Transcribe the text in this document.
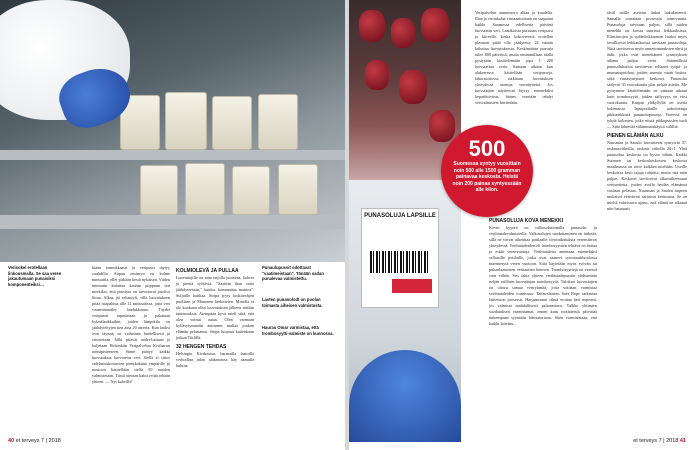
Verisokel erotellaan linkousmalla. Se saa veren jakautumaan punaisiksi komponenteiksi…
kiään tarmokkaasti ja veripussi täytyy vauhdilla. Sitpan ensimyn en kolme minuuttia, ellei pitkään kestä nykäisen. Viiden minuutin kuluttua kaulun pitppuun sen merkiksi, että pussissa on tarvittavat puoliso litraa. Alkaa jäi reliantyli, sillä luovatukoen pitää istapahtua alle 12 minuuttissa, jotta veri vaarmittaaitley laadukkaana. Täydet veripussit nipastetaan ja pakataan kylmälaukkuihin, joiden lämpötila on jäähdytettyjen tien aina 20 asteeta. Kun lauksi ovat täynnä, ne vaihetaan huolellisesti ja siivotetaan. Jälki pitävät uudet-luotaan ja kuljetaan Helsinkiin Veripalvelun Kiviharun toimipisteeseen. Sinne päätyy kaikki luovutuksia luovutetut veri. Siellä ei siitos sidelurisukoituvien pienikokään ympärille ja noutoon käsitellään siellä 50 nuoden valmistetaan. Tässä otetaan kaksi reittä tehään yhteen. — Nyt kahville!
KOLMIOLEVÄ JA PULLAA
Luovuttajille on aina tarjolla juotavaa, kahvia ja pieniä syötäviä. "Saattiin than sotta jäähdyteetaan," kuulut. kommattaa mainoa". Suljuille kaiiltaa. Stripa tyyty luokiteohjen puollaan ja Mauonen kerkittelen. Minulla ei ole kookaan ollut luovutuksen jälkeen mitään tuntemuksia. Aiempaan hyvä mieli siitä, että olen voinut autaa. Olen varmaan kylläsytymmöin auttaneet mullaa jonkun elämän pelastanut. Stripa luopuut kuitenkaan jotkun Tiitlillä.
32 HENGEN TEHDAS
Helsingin Kivihaassa, harmailla laatoilla verhoillun talon alakerrassa käy aamulla kuhina.
Punaulupussit odottavat "vaatimeistaan". Tänään sadan punalevaa valmistettu.
Lasten punanolodt on poolan toimasta aiheisen valmistusta.
Hauras Omar varmistaa, että trombosyytti-valmiste on kunnossa.
40 et terveys 7 | 2018
PUNASOLUJA LAPSILLE
500
Suomessa syntyy vuosittain noin 500 alle 1500 gramman painavaa keskosta. Heistä noin 200 painaa syntyessään alle kilon.
Veripalvelun aamuvuoro alkaa jo kuudelta. Illan ja vironkalaa vastaantottiaan on saapunut kaikki Suomessa edellisenä päivänä luovutettu veri. Laatikoista purataan veripussi ja kiireellä, koska kokoverestä erotellan plasman pitää olla jäädytetty 24 tunnin kuluttua luovutuksesta. Keskimäärin pussuja tulee 800 päivässä, mutta omimmillaan täällä pystytään käsittelemään jopa 1 200 luovutettua verta. Samaan aikaan kun alakerrassa käsitellään veripusseja, laboratoriossa tutkitaan luovutuksen yhteydessä otettuja verinäytteitä. Jos luovuttajan näytteestä löytyy esimerkiksi hepatiittivirus, hänen veretään tehdyt verivalmisteet hävitetään.
PUNASOLUJA KOVA MENEKKI
Kovin kyynrä on valkosoluttomilla punasolu- ja verihiutalevalmisteilla. Valkosolujen suodattaminen on tärkeää, sillä ne voivat aiheuttaa potilaalle sivuvaikutuksia verensiirron yhteydessä. Verihiutaleiden eli trombosyyttien tehtävä on hoitaa ja estää verenvuotoja. Verihiutaleita annetaan esimerkiksi sellaisille potilaille, jotka ovat saaneet sytostaattihoidossa mäennetyiä veren vuotoon. Siitä käytetään myös syövän tai puhanlaatuisten veritautien hoitoon. Trombosyyttejä on veressä vain vähän. Sen takia yhteen verihiutalepussiin yhdistetään neljän erillisen luovuttajan trombosyytit. Tulokset luovuttajien on oltava samaa veriryhmää, jotta voidaan varmistaa verihiutaleiden toimivuus. Taitavalaisten Saet Rope tarkastaa laitteiston prosessit. Harjaantunut silmä erottaa heti nopeasti, jos valmista mahdollisesti palautettava. Valkko yhtimien suodatuksen varmistamat, ennen kuin roottateistä päivittää tutkempaan syyntään laboratorioon. Siten varmistetaan, että kaikki laiteittu...
täväl nöille asetetut tiukat laatukriteerit. Samalla seurataan prosessin toimivuutta. Punasoluja tarvitaan paljon, sillä niiden menekki on kovaa suurissa leikkauksissa. Elinsiirtojen ja sydänleikkausten lisäksi myös tavallisesta leikkauksessa tarvitaan punasoluja. Niitä tarvitsevat myös onnettomuuksien uhrit ja äidit, jotka ovat menettäneet synnytyksen aikana paljon verta. Säännöllistä punasoluhoitoa tarvitsevat sellaiset syöpä- ja munuaispotilaat, joiden anemia vaatii hoitoa, sekä vastasyntyneet keskoset. Punasolut säilyvät 35 vuorokautta plus neljää astetta. Me pystymme käsittelemään ne samaan aikaan kuin trombosyytit, joiden säilyvyys on viisi vuorokautta. Kaapin yläkyllyllä on useita kokenaisia lapsipotilaille tarkoitettuja pikkuriikkisiä punasolupusseja. Vieressä on tyhjiä kolonien, jotka niistä pikkupussien tuoli — Siitä lähtevää vähimmäiskäyttö välilliä.
PIENEN ELÄMÄN ALKU
Nuusman ja Saoulo luovuttevat syntyivät 37. raskausviikoilla, raskaus viikolla 26+1. Yhtä punasolua keskosta on hyvin vähän. Kaikki Suomen tai keskoskeskossen keskosta maailmassa on toive kaikkea mieltään. Useille keskoissa kesti rajuja tulijoita, mutta sitä näin paljon. Keskoset tarvitsevat alkuvaiheessaan verituotteita, joiden avulla heidän elämänsä voidaan pelastaa. Nuusman ja Saulen tarpeen mukaiset verisiirrot sattuivat keskosina. Se on mieltä vahvistava ajatus, että elämä on alkanut niin hauraasti.
et terveys 7 | 2018 41
